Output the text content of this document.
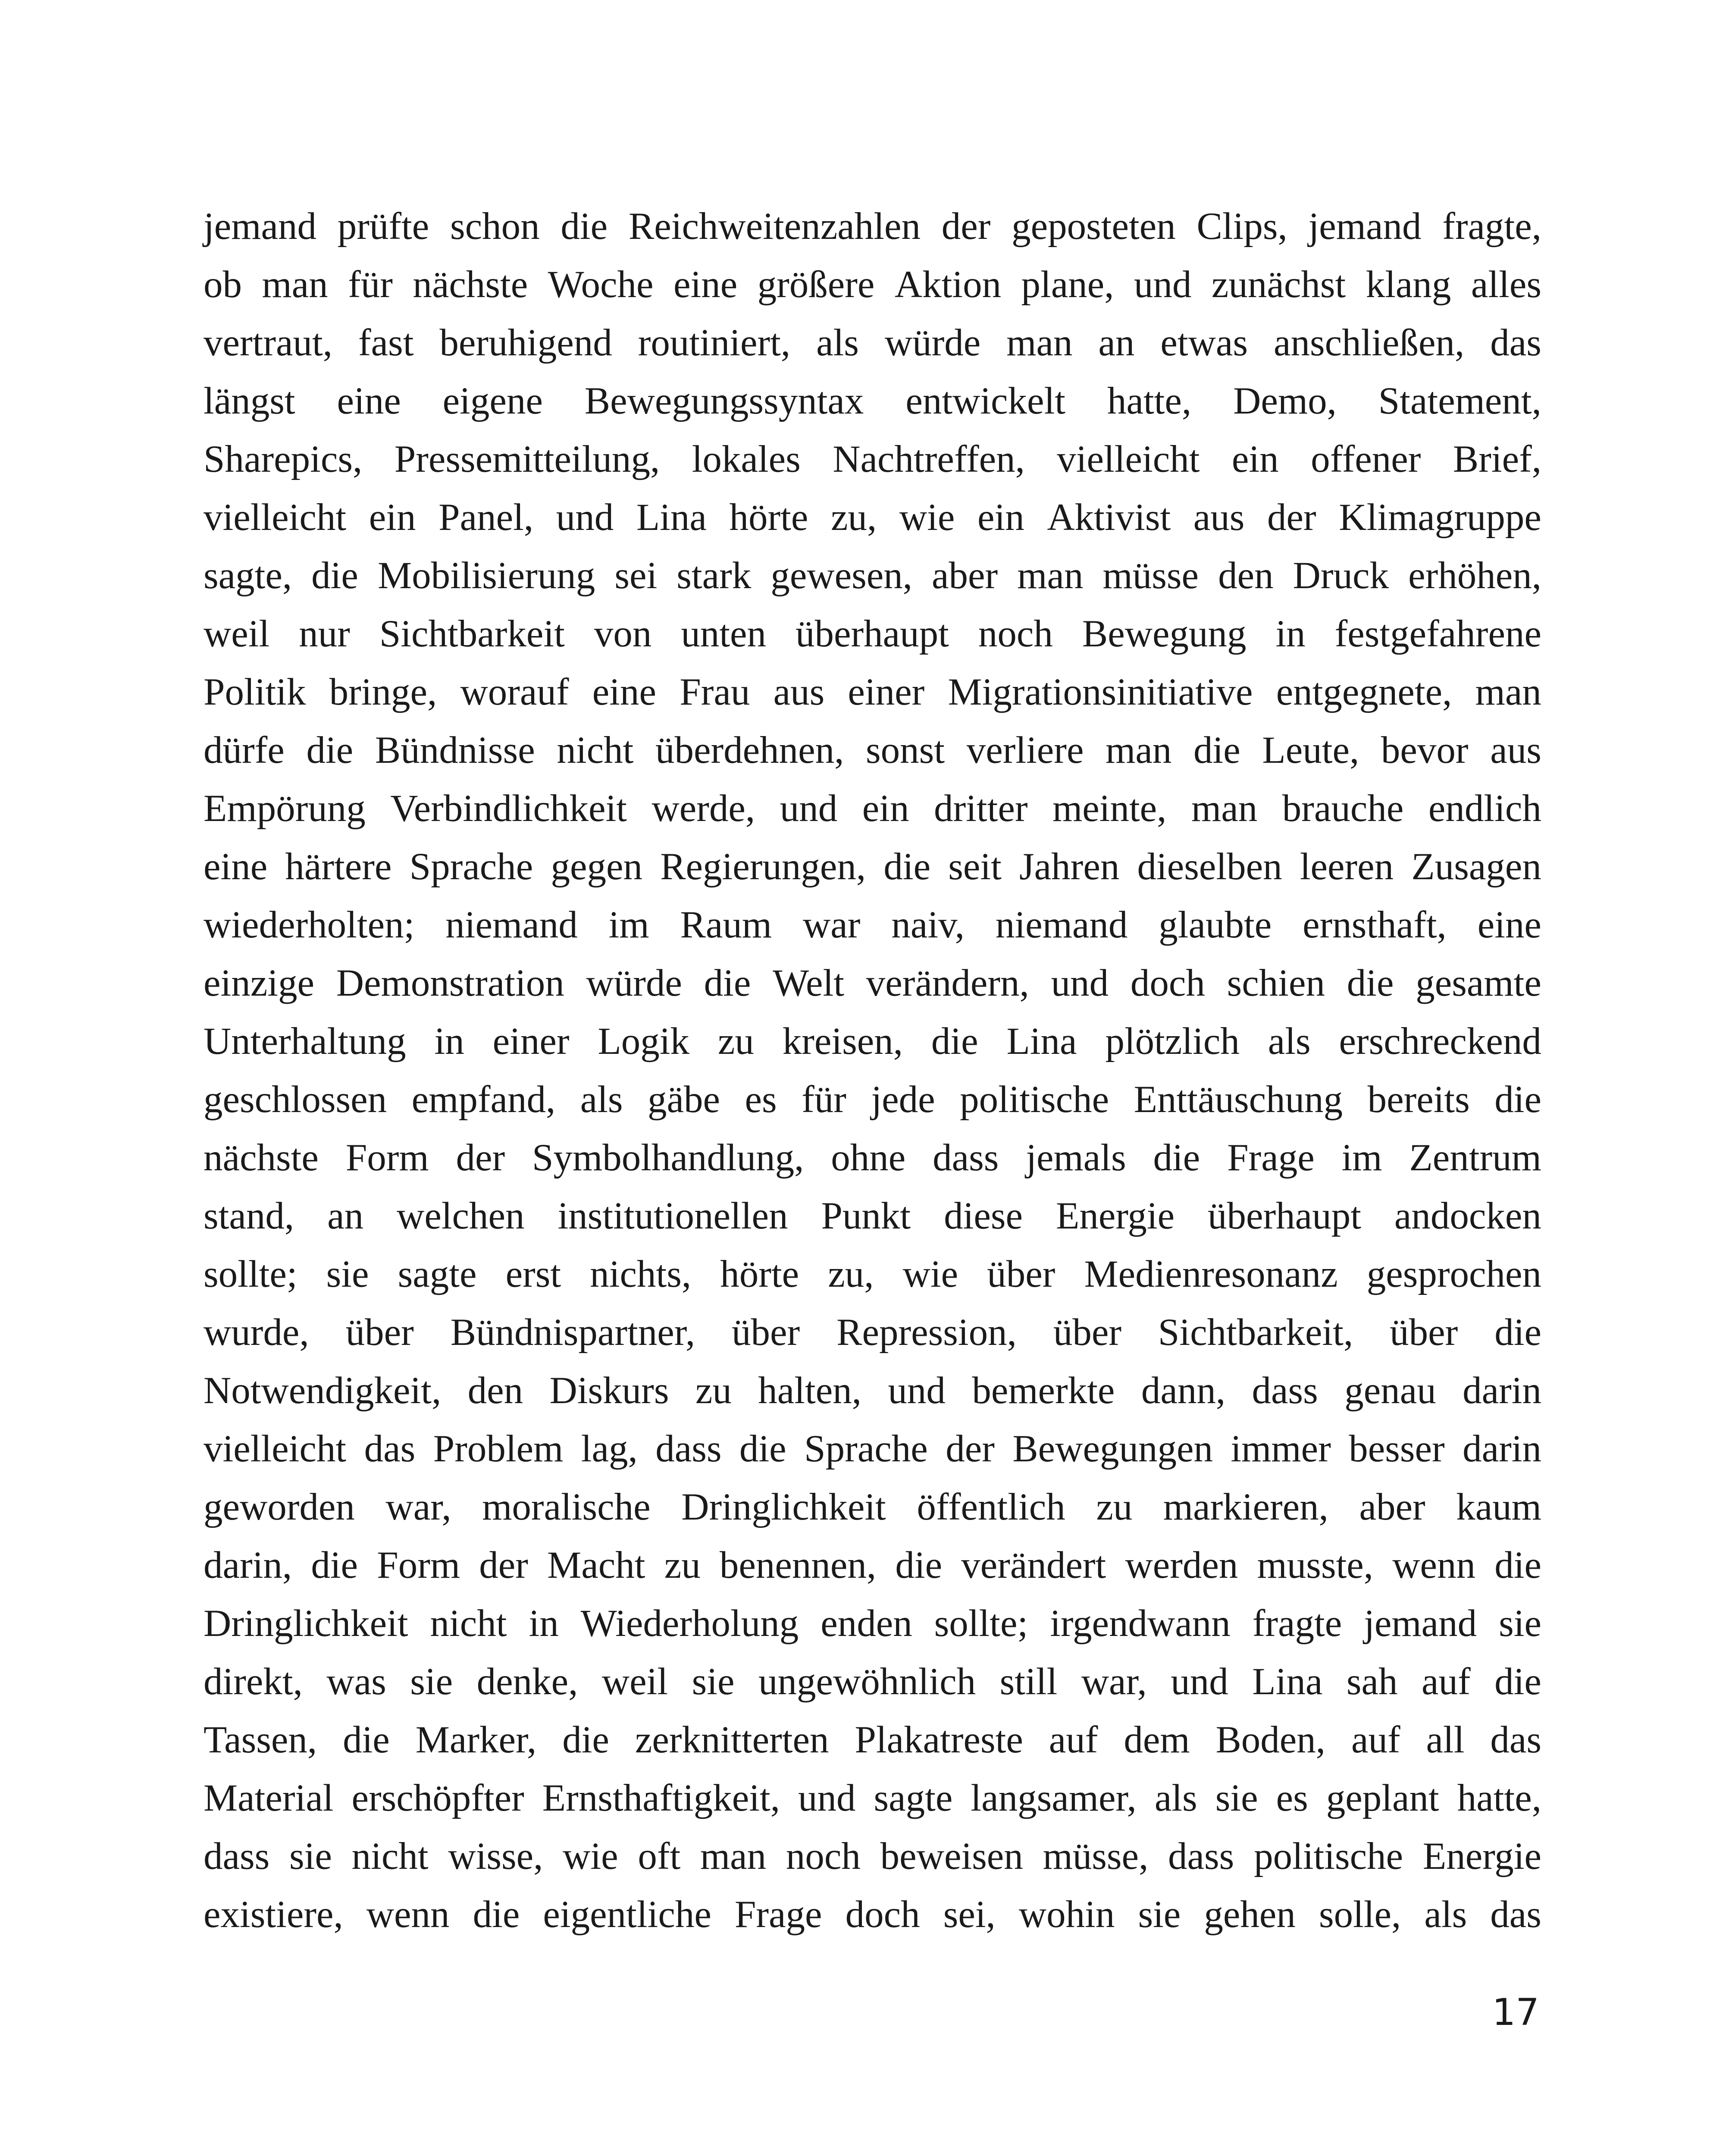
jemand prüfte schon die Reichweitenzahlen der geposteten Clips, jemand fragte,
ob man für nächste Woche eine größere Aktion plane, und zunächst klang alles
vertraut, fast beruhigend routiniert, als würde man an etwas anschließen, das
längst eine eigene Bewegungssyntax entwickelt hatte, Demo, Statement,
Sharepics, Pressemitteilung, lokales Nachtreffen, vielleicht ein offener Brief,
vielleicht ein Panel, und Lina hörte zu, wie ein Aktivist aus der Klimagruppe
sagte, die Mobilisierung sei stark gewesen, aber man müsse den Druck erhöhen,
weil nur Sichtbarkeit von unten überhaupt noch Bewegung in festgefahrene
Politik bringe, worauf eine Frau aus einer Migrationsinitiative entgegnete, man
dürfe die Bündnisse nicht überdehnen, sonst verliere man die Leute, bevor aus
Empörung Verbindlichkeit werde, und ein dritter meinte, man brauche endlich
eine härtere Sprache gegen Regierungen, die seit Jahren dieselben leeren Zusagen
wiederholten; niemand im Raum war naiv, niemand glaubte ernsthaft, eine
einzige Demonstration würde die Welt verändern, und doch schien die gesamte
Unterhaltung in einer Logik zu kreisen, die Lina plötzlich als erschreckend
geschlossen empfand, als gäbe es für jede politische Enttäuschung bereits die
nächste Form der Symbolhandlung, ohne dass jemals die Frage im Zentrum
stand, an welchen institutionellen Punkt diese Energie überhaupt andocken
sollte; sie sagte erst nichts, hörte zu, wie über Medienresonanz gesprochen
wurde, über Bündnispartner, über Repression, über Sichtbarkeit, über die
Notwendigkeit, den Diskurs zu halten, und bemerkte dann, dass genau darin
vielleicht das Problem lag, dass die Sprache der Bewegungen immer besser darin
geworden war, moralische Dringlichkeit öffentlich zu markieren, aber kaum
darin, die Form der Macht zu benennen, die verändert werden musste, wenn die
Dringlichkeit nicht in Wiederholung enden sollte; irgendwann fragte jemand sie
direkt, was sie denke, weil sie ungewöhnlich still war, und Lina sah auf die
Tassen, die Marker, die zerknitterten Plakatreste auf dem Boden, auf all das
Material erschöpfter Ernsthaftigkeit, und sagte langsamer, als sie es geplant hatte,
dass sie nicht wisse, wie oft man noch beweisen müsse, dass politische Energie
existiere, wenn die eigentliche Frage doch sei, wohin sie gehen solle, als das
17
